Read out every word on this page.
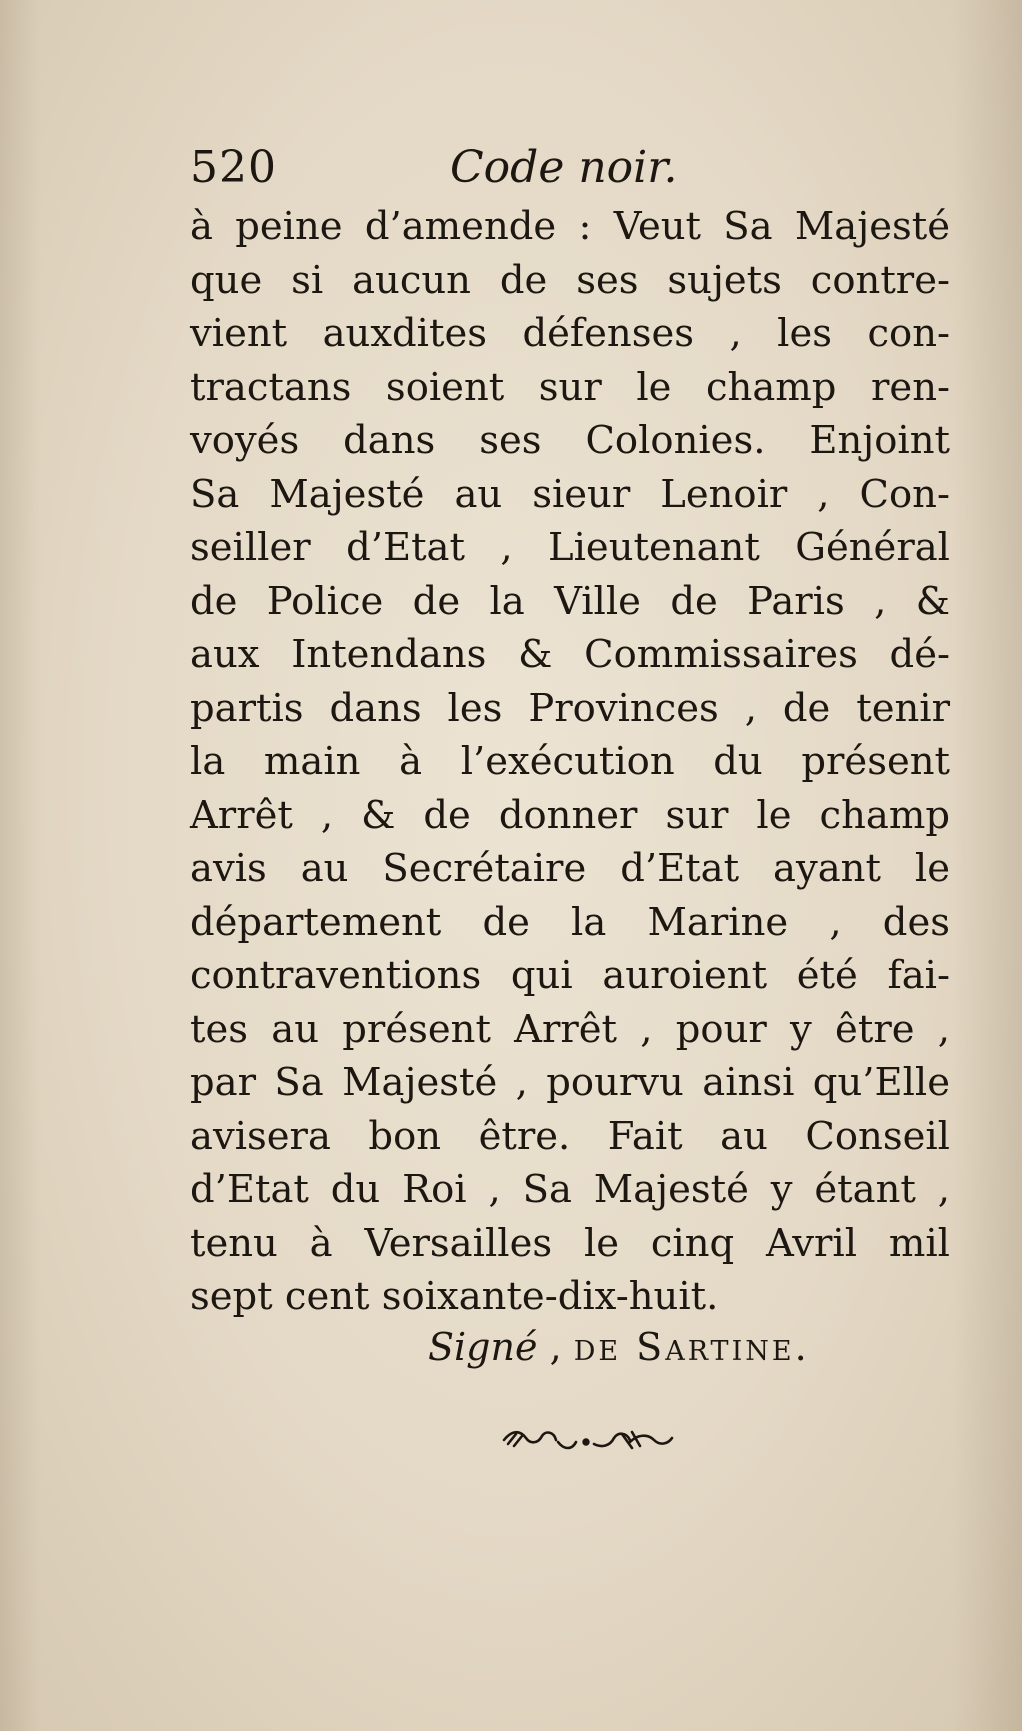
520	Code noir.
à peine d’amende : Veut Sa Majesté
que si aucun de ses sujets contre-
vient auxdites défenses , les con-
tractans soient sur le champ ren-
voyés dans ses Colonies. Enjoint
Sa Majesté au sieur Lenoir , Con-
seiller d’Etat , Lieutenant Général
de Police de la Ville de Paris , &
aux Intendans & Commissaires dé-
partis dans les Provinces , de tenir
la main à l’exécution du présent
Arrêt , & de donner sur le champ
avis au Secrétaire d’Etat ayant le
département de la Marine , des
contraventions qui auroient été fai-
tes au présent Arrêt , pour y être ,
par Sa Majesté , pourvu ainsi qu’Elle
avisera bon être. Fait au Conseil
d’Etat du Roi , Sa Majesté y étant ,
tenu à Versailles le cinq Avril mil
sept cent soixante-dix-huit.
Signé , de Sartine.
